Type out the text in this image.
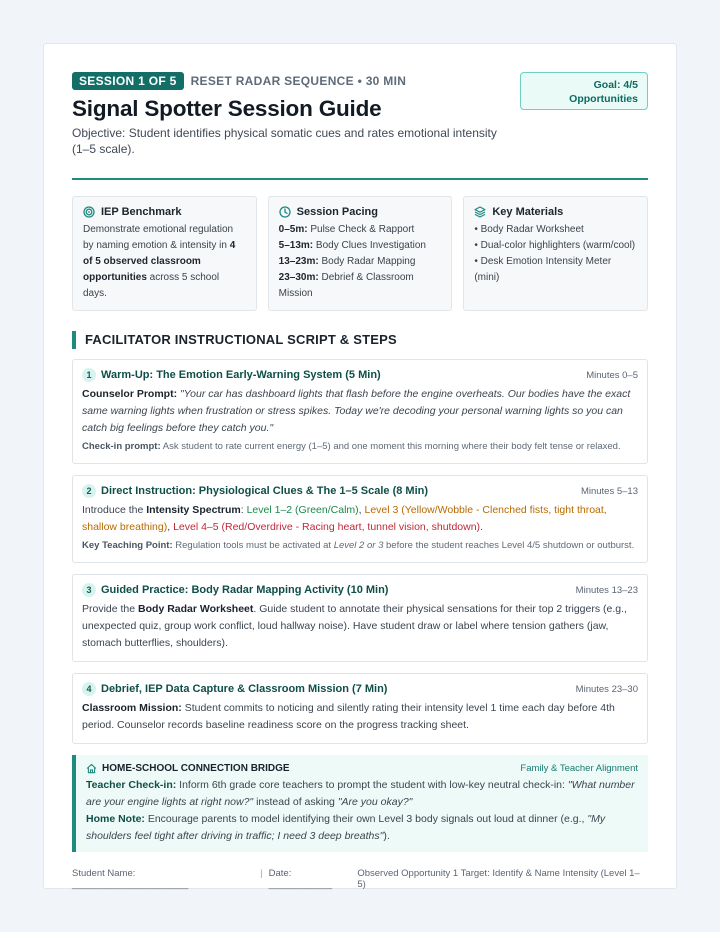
SESSION 1 OF 5	RESET RADAR SEQUENCE • 30 MIN
Signal Spotter Session Guide
Objective: Student identifies physical somatic cues and rates emotional intensity (1–5 scale).
Goal: 4/5
Opportunities
IEP Benchmark
Demonstrate emotional regulation by naming emotion & intensity in 4 of 5 observed classroom opportunities across 5 school days.
Session Pacing
0–5m: Pulse Check & Rapport
5–13m: Body Clues Investigation
13–23m: Body Radar Mapping
23–30m: Debrief & Classroom Mission
Key Materials
• Body Radar Worksheet
• Dual-color highlighters (warm/cool)
• Desk Emotion Intensity Meter (mini)
FACILITATOR INSTRUCTIONAL SCRIPT & STEPS
1 Warm-Up: The Emotion Early-Warning System (5 Min)	Minutes 0–5
Counselor Prompt: "Your car has dashboard lights that flash before the engine overheats. Our bodies have the exact same warning lights when frustration or stress spikes. Today we're decoding your personal warning lights so you can catch big feelings before they catch you."
Check-in prompt: Ask student to rate current energy (1–5) and one moment this morning where their body felt tense or relaxed.
2 Direct Instruction: Physiological Clues & The 1–5 Scale (8 Min)	Minutes 5–13
Introduce the Intensity Spectrum: Level 1–2 (Green/Calm), Level 3 (Yellow/Wobble - Clenched fists, tight throat, shallow breathing), Level 4–5 (Red/Overdrive - Racing heart, tunnel vision, shutdown).
Key Teaching Point: Regulation tools must be activated at Level 2 or 3 before the student reaches Level 4/5 shutdown or outburst.
3 Guided Practice: Body Radar Mapping Activity (10 Min)	Minutes 13–23
Provide the Body Radar Worksheet. Guide student to annotate their physical sensations for their top 2 triggers (e.g., unexpected quiz, group work conflict, loud hallway noise). Have student draw or label where tension gathers (jaw, stomach butterflies, shoulders).
4 Debrief, IEP Data Capture & Classroom Mission (7 Min)	Minutes 23–30
Classroom Mission: Student commits to noticing and silently rating their intensity level 1 time each day before 4th period. Counselor records baseline readiness score on the progress tracking sheet.
HOME-SCHOOL CONNECTION BRIDGE	Family & Teacher Alignment
Teacher Check-in: Inform 6th grade core teachers to prompt the student with low-key neutral check-in: "What number are your engine lights at right now?" instead of asking "Are you okay?"
Home Note: Encourage parents to model identifying their own Level 3 body signals out loud at dinner (e.g., "My shoulders feel tight after driving in traffic; I need 3 deep breaths").
Student Name: ______________________
| Date: ____________
Observed Opportunity 1 Target: Identify & Name Intensity (Level 1–5)
